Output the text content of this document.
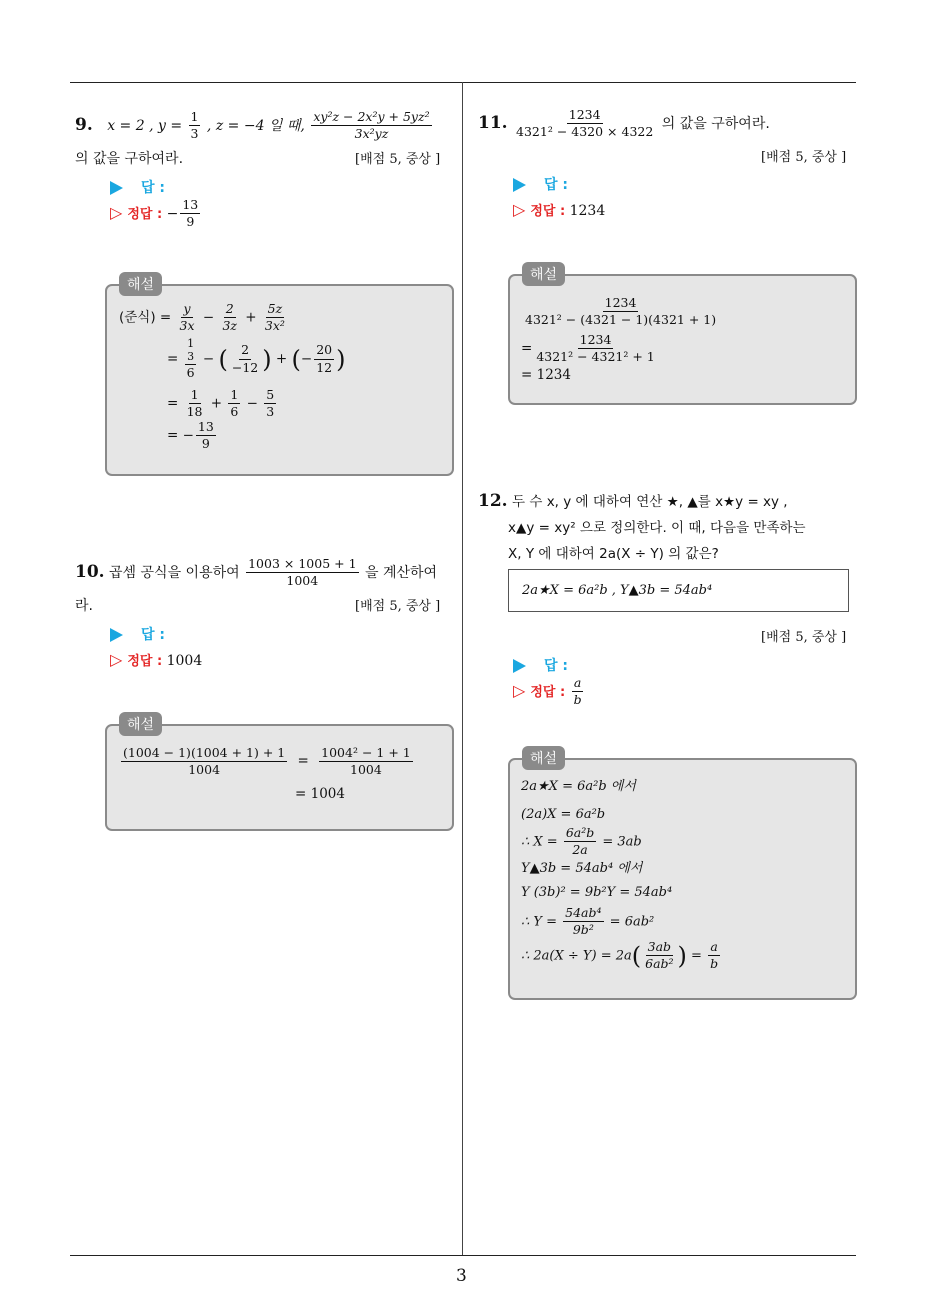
3
9. x = 2 , $y = \frac{1}{3}$ , z = −4 일 때, $\frac{\text{xy²z − 2x²y + 5yz²}}{\text{3x²yz}}$
의 값을 구하여라.	[배점 5, 중상 ]
답 :
▷ 정답 : − $\frac{13}{9}$
해설
(준식) = $\frac{y}{3x} - \frac{2}{3z} + \frac{5z}{\text{3x²}}$
=
1
3
6
− ( $\frac{2}{-12}$ ) + (− $\frac{20}{12}$ )
= $\frac{1}{18} + \frac{1}{6} - \frac{5}{3}$
= − $\frac{13}{9}$
10. 곱셈 공식을 이용하여 $\frac{1003 \times 1005 + 1}{1004}$ 을 계산하여
라.	[배점 5, 중상 ]
답 :
▷ 정답 : 1004
해설
$\frac{(1004 - 1)(1004 + 1) + 1}{1004} = \frac{\text{1004² − 1 + 1}}{1004}$
= 1004
11. $\frac{1234}{\text{4321² − 4320 × 4322}}$ 의 값을 구하여라.
[배점 5, 중상 ]
답 :
▷ 정답 : 1234
해설
$\frac{1234}{\text{4321² − (4321 − 1)(4321 + 1)}}$
= $\frac{1234}{\text{4321² − 4321² + 1}}$
= 1234
12. 두 수 x, y 에 대하여 연산 ★, ▲를 x★y = xy ,
x▲y = xy² 으로 정의한다. 이 때, 다음을 만족하는
X, Y 에 대하여 2a(X ÷ Y) 의 값은?
2a★X = 6a²b , Y▲3b = 54ab⁴
[배점 5, 중상 ]
답 :
▷ 정답 : $\frac{a}{b}$
해설
2a★X = 6a²b 에서
(2a)X = 6a²b
∴ $X = \frac{\text{6a²b}}{2a} = 3ab$
Y▲3b = 54ab⁴ 에서
Y (3b)² = 9b²Y = 54ab⁴
∴ $Y = \frac{\text{54ab⁴}}{\text{9b²}} = 6ab^2$
∴ $2a(X \div Y) = 2a( \frac{3ab}{\text{6ab²}}$ ) = $\frac{a}{b}$
